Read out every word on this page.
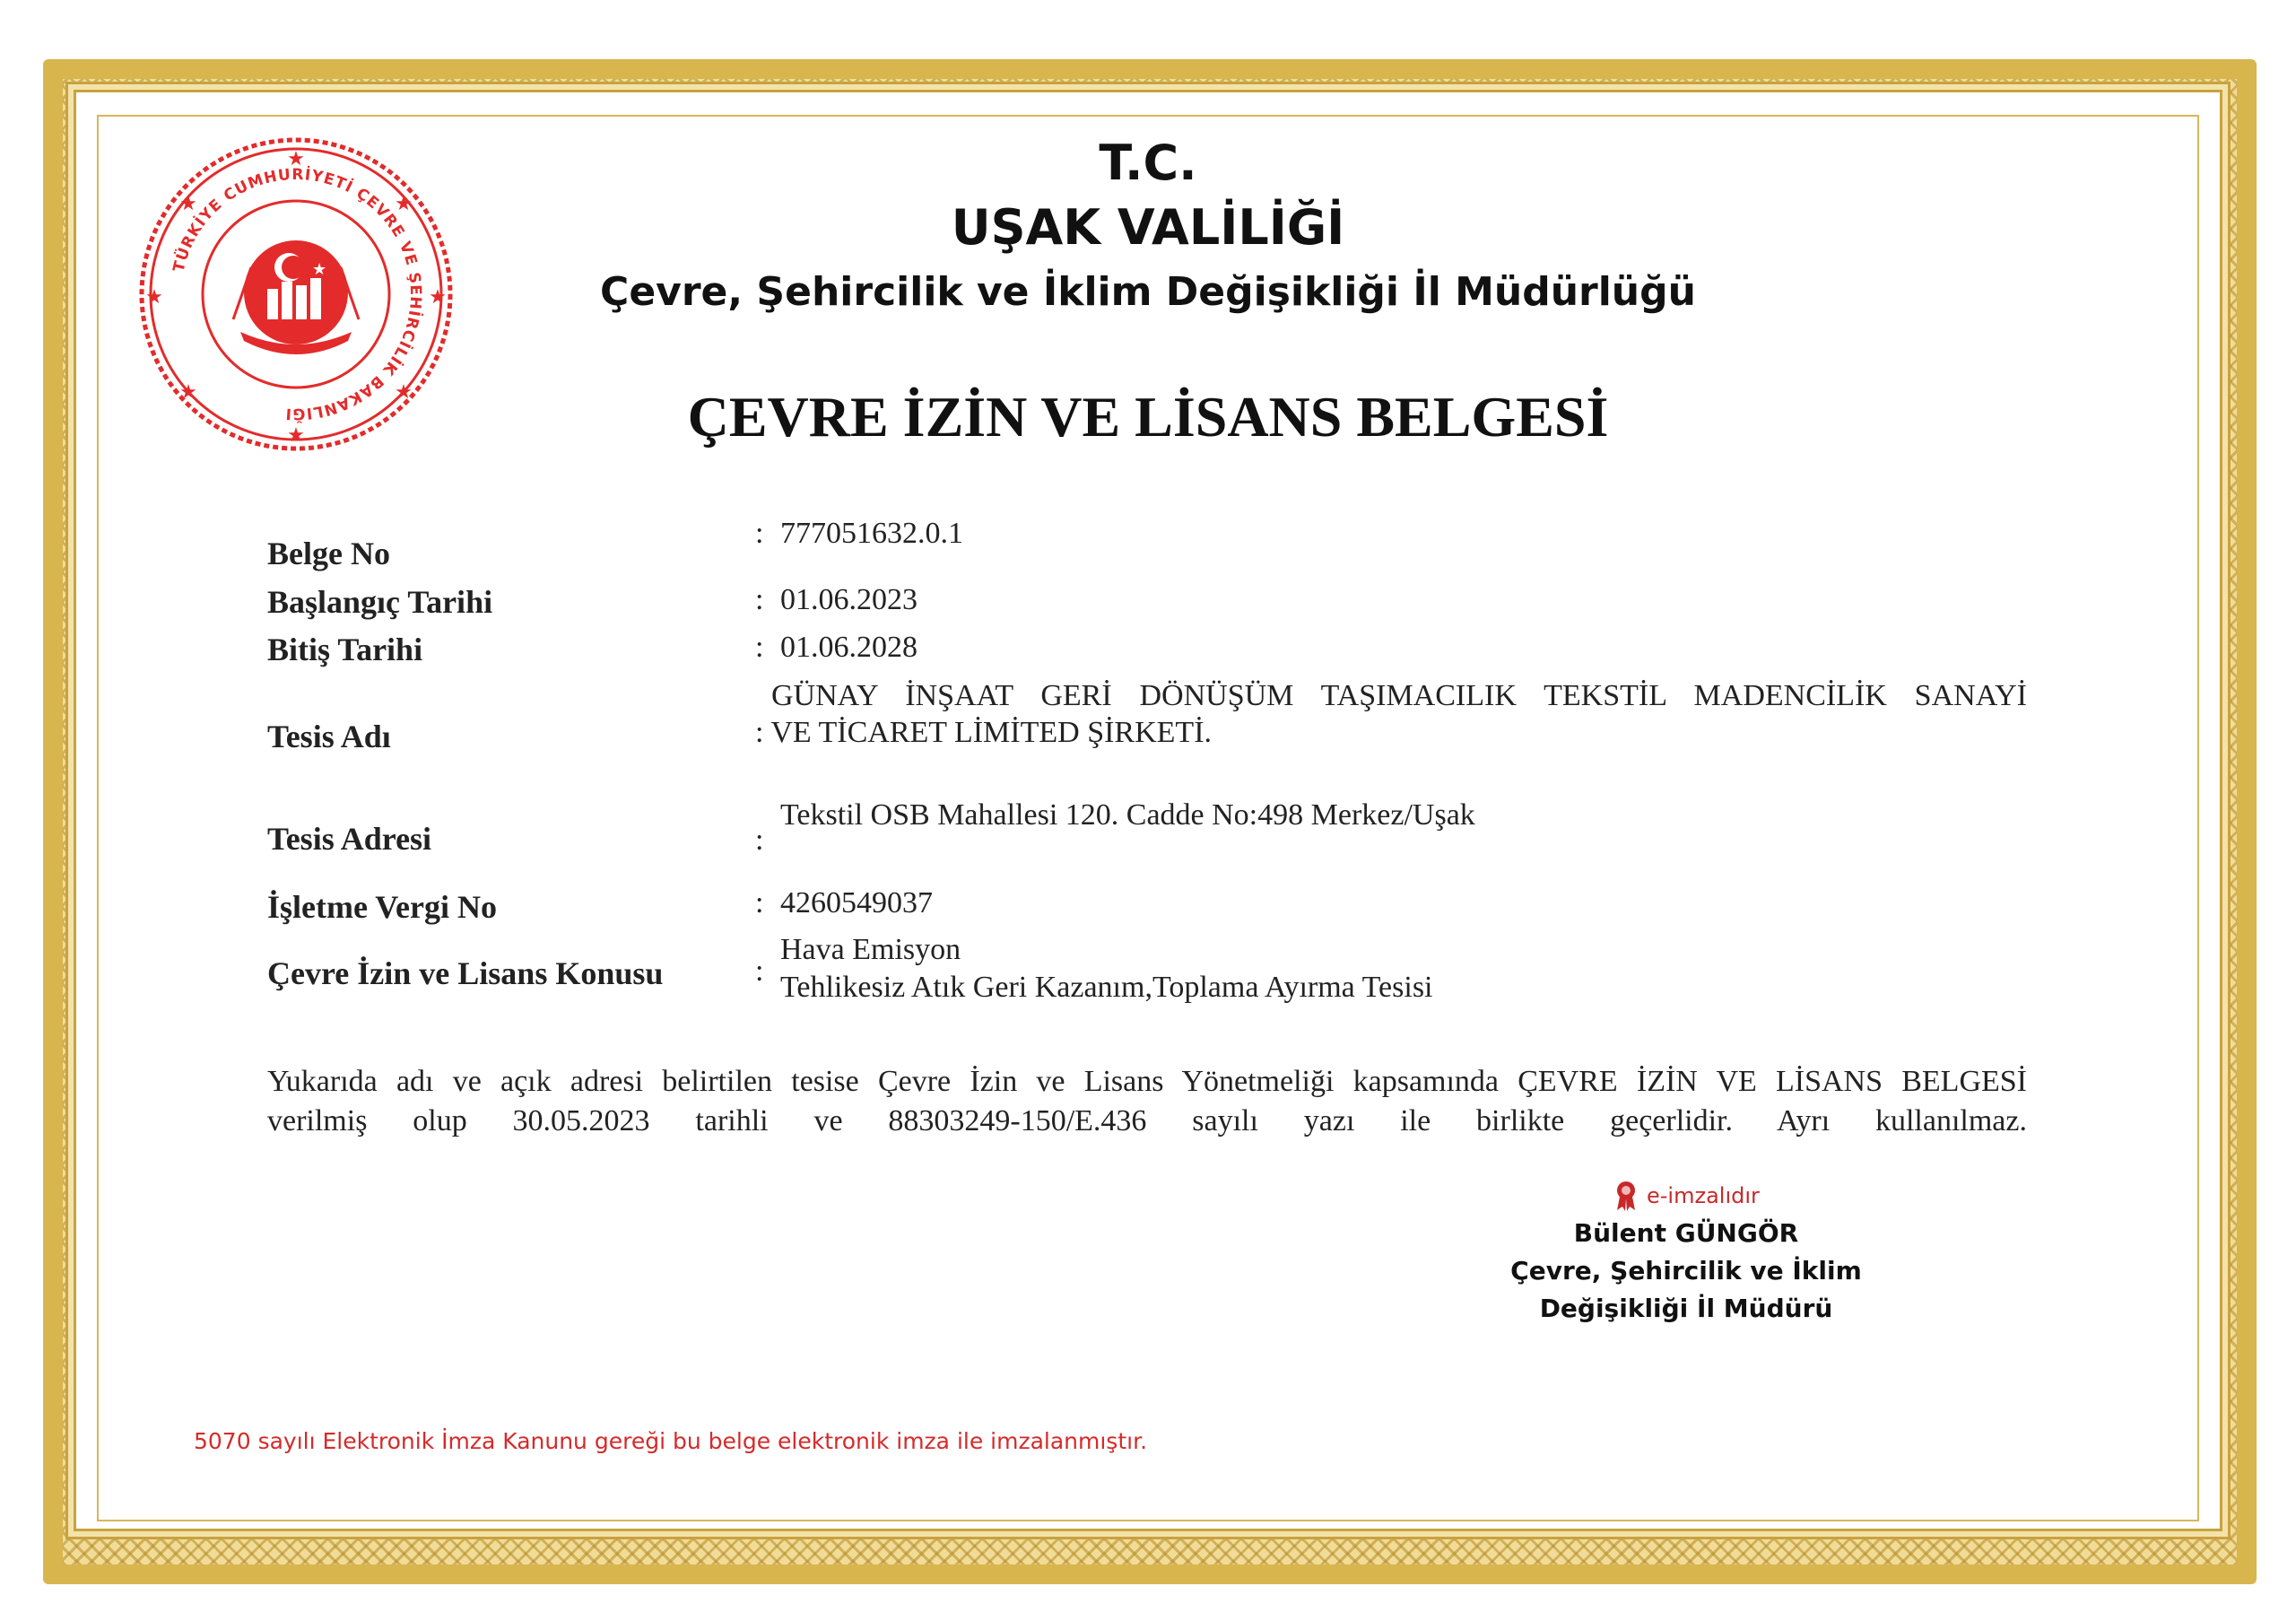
★
★
★
★
★
★
★
★
TÜRKİYE CUMHURİYETİ ÇEVRE VE ŞEHİRCİLİK BAKANLIĞI
★
T.C.
UŞAK VALİLİĞİ
Çevre, Şehircilik ve İklim Değişikliği İl Müdürlüğü
ÇEVRE İZİN VE LİSANS BELGESİ
Belge No
: 777051632.0.1
Başlangıç Tarihi	: 01.06.2023
Bitiş Tarihi	: 01.06.2028
Tesis Adı
GÜNAY İNŞAAT GERİ DÖNÜŞÜM TAŞIMACILIK TEKSTİL MADENCİLİK SANAYİ
: VE TİCARET LİMİTED ŞİRKETİ.
Tesis Adresi	:
Tekstil OSB Mahallesi 120. Cadde No:498 Merkez/Uşak
İşletme Vergi No	: 4260549037
Çevre İzin ve Lisans Konusu	:
Hava Emisyon
Tehlikesiz Atık Geri Kazanım,Toplama Ayırma Tesisi
Yukarıda adı ve açık adresi belirtilen tesise Çevre İzin ve Lisans Yönetmeliği kapsamında ÇEVRE İZİN VE LİSANS BELGESİ
verilmiş olup 30.05.2023 tarihli ve 88303249-150/E.436 sayılı yazı ile birlikte geçerlidir. Ayrı kullanılmaz.
e-imzalıdır
Bülent GÜNGÖR
Çevre, Şehircilik ve İklim
Değişikliği İl Müdürü
5070 sayılı Elektronik İmza Kanunu gereği bu belge elektronik imza ile imzalanmıştır.
